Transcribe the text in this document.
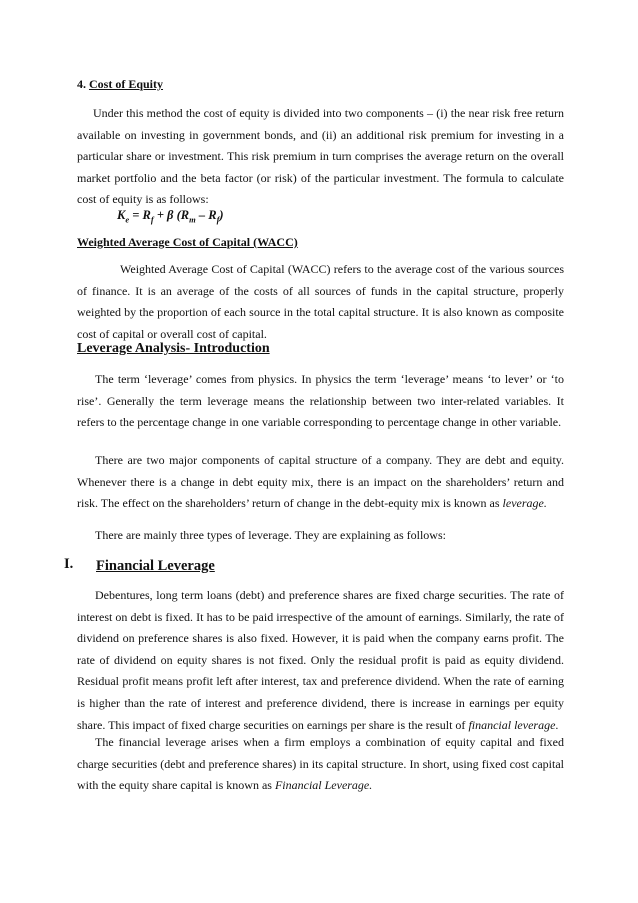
4. Cost of Equity

Under this method the cost of equity is divided into two components – (i) the near risk free return available on investing in government bonds, and (ii) an additional risk premium for investing in a particular share or investment. This risk premium in turn comprises the average return on the overall market portfolio and the beta factor (or risk) of the particular investment. The formula to calculate cost of equity is as follows:

$K_e = R_f + \beta$ $(R_m - R_f)$
Weighted Average Cost of Capital (WACC)

Weighted Average Cost of Capital (WACC) refers to the average cost of the various sources of finance. It is an average of the costs of all sources of funds in the capital structure, properly weighted by the proportion of each source in the total capital structure. It is also known as composite cost of capital or overall cost of capital.

Leverage Analysis- Introduction

The term ‘leverage’ comes from physics. In physics the term ‘leverage’ means ‘to lever’ or ‘to rise’. Generally the term leverage means the relationship between two inter-related variables. It refers to the percentage change in one variable corresponding to percentage change in other variable.

There are two major components of capital structure of a company. They are debt and equity. Whenever there is a change in debt equity mix, there is an impact on the shareholders’ return and risk. The effect on the shareholders’ return of change in the debt-equity mix is known as leverage.

There are mainly three types of leverage. They are explaining as follows:

I. Financial Leverage

Debentures, long term loans (debt) and preference shares are fixed charge securities. The rate of interest on debt is fixed. It has to be paid irrespective of the amount of earnings. Similarly, the rate of dividend on preference shares is also fixed. However, it is paid when the company earns profit. The rate of dividend on equity shares is not fixed. Only the residual profit is paid as equity dividend. Residual profit means profit left after interest, tax and preference dividend. When the rate of earning is higher than the rate of interest and preference dividend, there is increase in earnings per equity share. This impact of fixed charge securities on earnings per share is the result of financial leverage.

The financial leverage arises when a firm employs a combination of equity capital and fixed charge securities (debt and preference shares) in its capital structure. In short, using fixed cost capital with the equity share capital is known as Financial Leverage.
